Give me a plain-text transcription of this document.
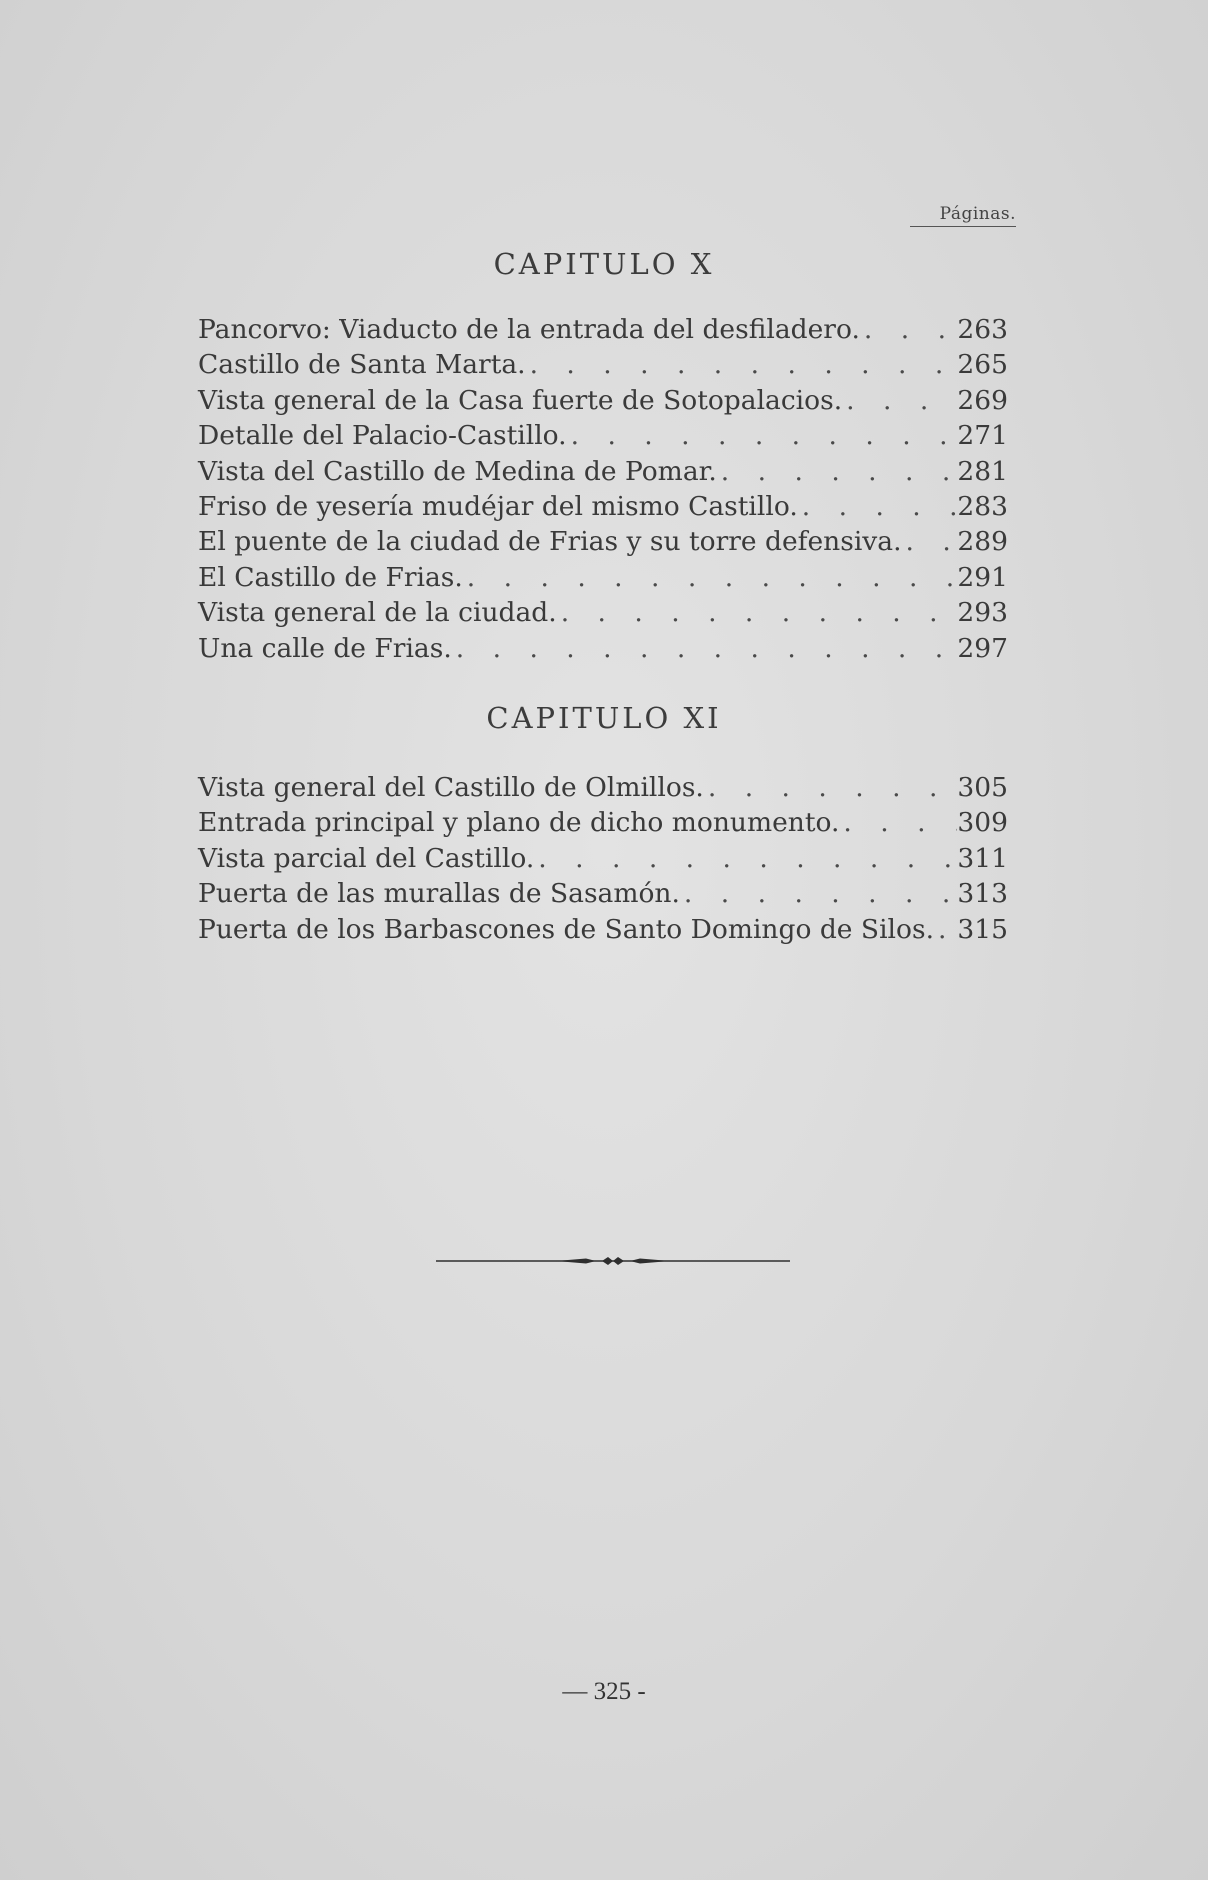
Páginas.
CAPITULO X
Pancorvo: Viaducto de la entrada del desfiladero. . . .	263
Castillo de Santa Marta. . . .	265
Vista general de la Casa fuerte de Sotopalacios. . . .	269
Detalle del Palacio-Castillo. . . .	271
Vista del Castillo de Medina de Pomar. . . .	281
Friso de yesería mudéjar del mismo Castillo. . . .	283
El puente de la ciudad de Frias y su torre defensiva. . . . 289
El Castillo de Frias. . . .	291
Vista general de la ciudad. . . .	293
Una calle de Frias. . . .	297
CAPITULO XI
Vista general del Castillo de Olmillos. . . .	305
Entrada principal y plano de dicho monumento. . . .	309
Vista parcial del Castillo. . . .	311
Puerta de las murallas de Sasamón. . . .	313
Puerta de los Barbascones de Santo Domingo de Silos. . . . 315
— 325 -
